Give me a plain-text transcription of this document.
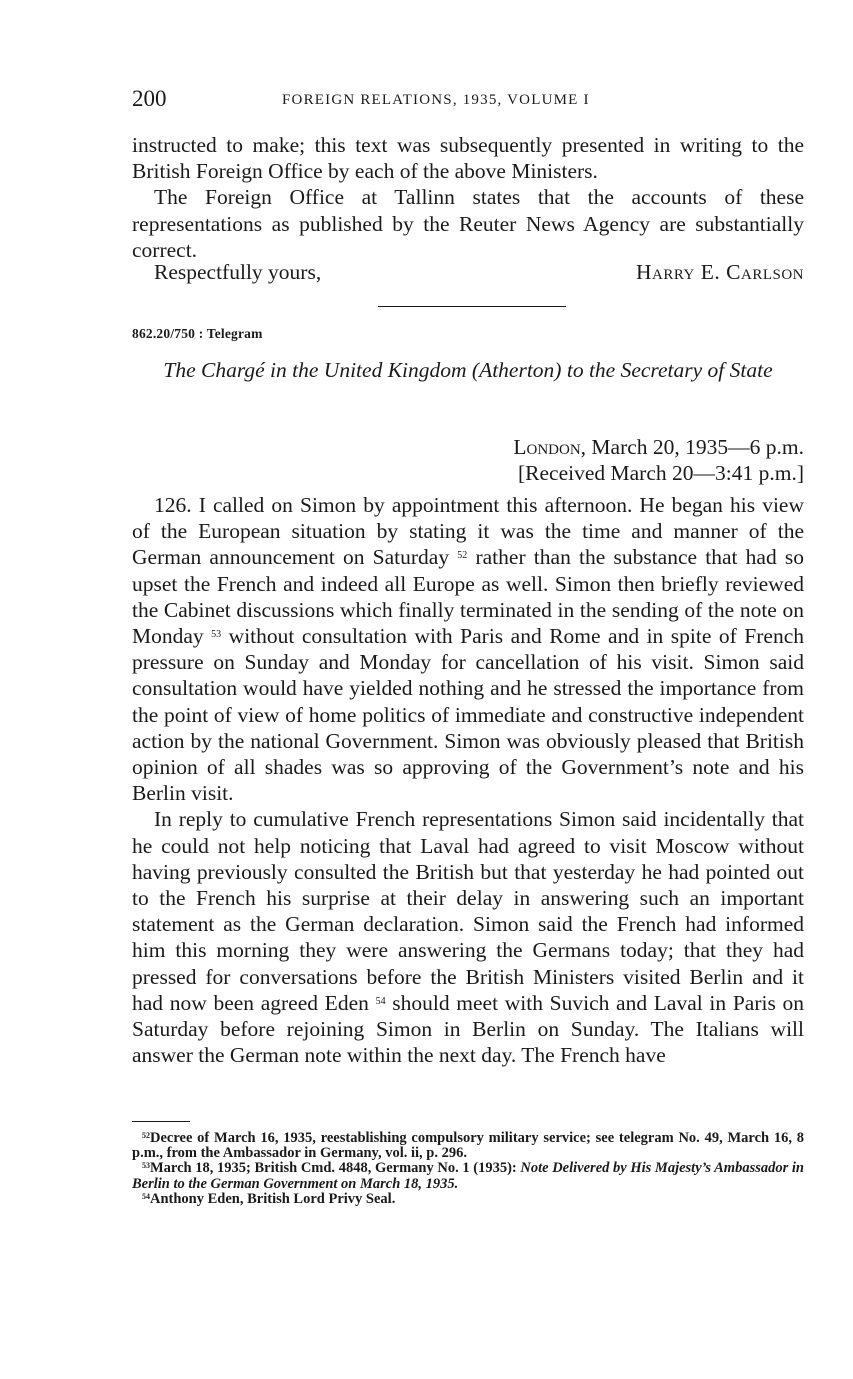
200	FOREIGN RELATIONS, 1935, VOLUME I

instructed to make; this text was subsequently presented in writing to the British Foreign Office by each of the above Ministers.

The Foreign Office at Tallinn states that the accounts of these representations as published by the Reuter News Agency are substantially correct.

Respectfully yours,	Harry E. Carlson
862.20/750 : Telegram
The Chargé in the United Kingdom (Atherton) to the Secretary of State
London, March 20, 1935—6 p.m.
[Received March 20—3:41 p.m.]

126. I called on Simon by appointment this afternoon. He began his view of the European situation by stating it was the time and manner of the German announcement on Saturday $^{52}$ rather than the substance that had so upset the French and indeed all Europe as well. Simon then briefly reviewed the Cabinet discussions which finally terminated in the sending of the note on Monday $^{53}$ without consultation with Paris and Rome and in spite of French pressure on Sunday and Monday for cancellation of his visit. Simon said consultation would have yielded nothing and he stressed the importance from the point of view of home politics of immediate and constructive independent action by the national Government. Simon was obviously pleased that British opinion of all shades was so approving of the Government’s note and his Berlin visit.

In reply to cumulative French representations Simon said incidentally that he could not help noticing that Laval had agreed to visit Moscow without having previously consulted the British but that yesterday he had pointed out to the French his surprise at their delay in answering such an important statement as the German declaration. Simon said the French had informed him this morning they were answering the Germans today; that they had pressed for conversations before the British Ministers visited Berlin and it had now been agreed Eden $^{54}$ should meet with Suvich and Laval in Paris on Saturday before rejoining Simon in Berlin on Sunday. The Italians will answer the German note within the next day. The French have

$^{52}$Decree of March 16, 1935, reestablishing compulsory military service; see telegram No. 49, March 16, 8 p.m., from the Ambassador in Germany, vol. ii, p. 296.

$^{53}$March 18, 1935; British Cmd. 4848, Germany No. 1 (1935): Note Delivered by His Majesty’s Ambassador in Berlin to the German Government on March 18, 1935.

$^{54}$Anthony Eden, British Lord Privy Seal.
